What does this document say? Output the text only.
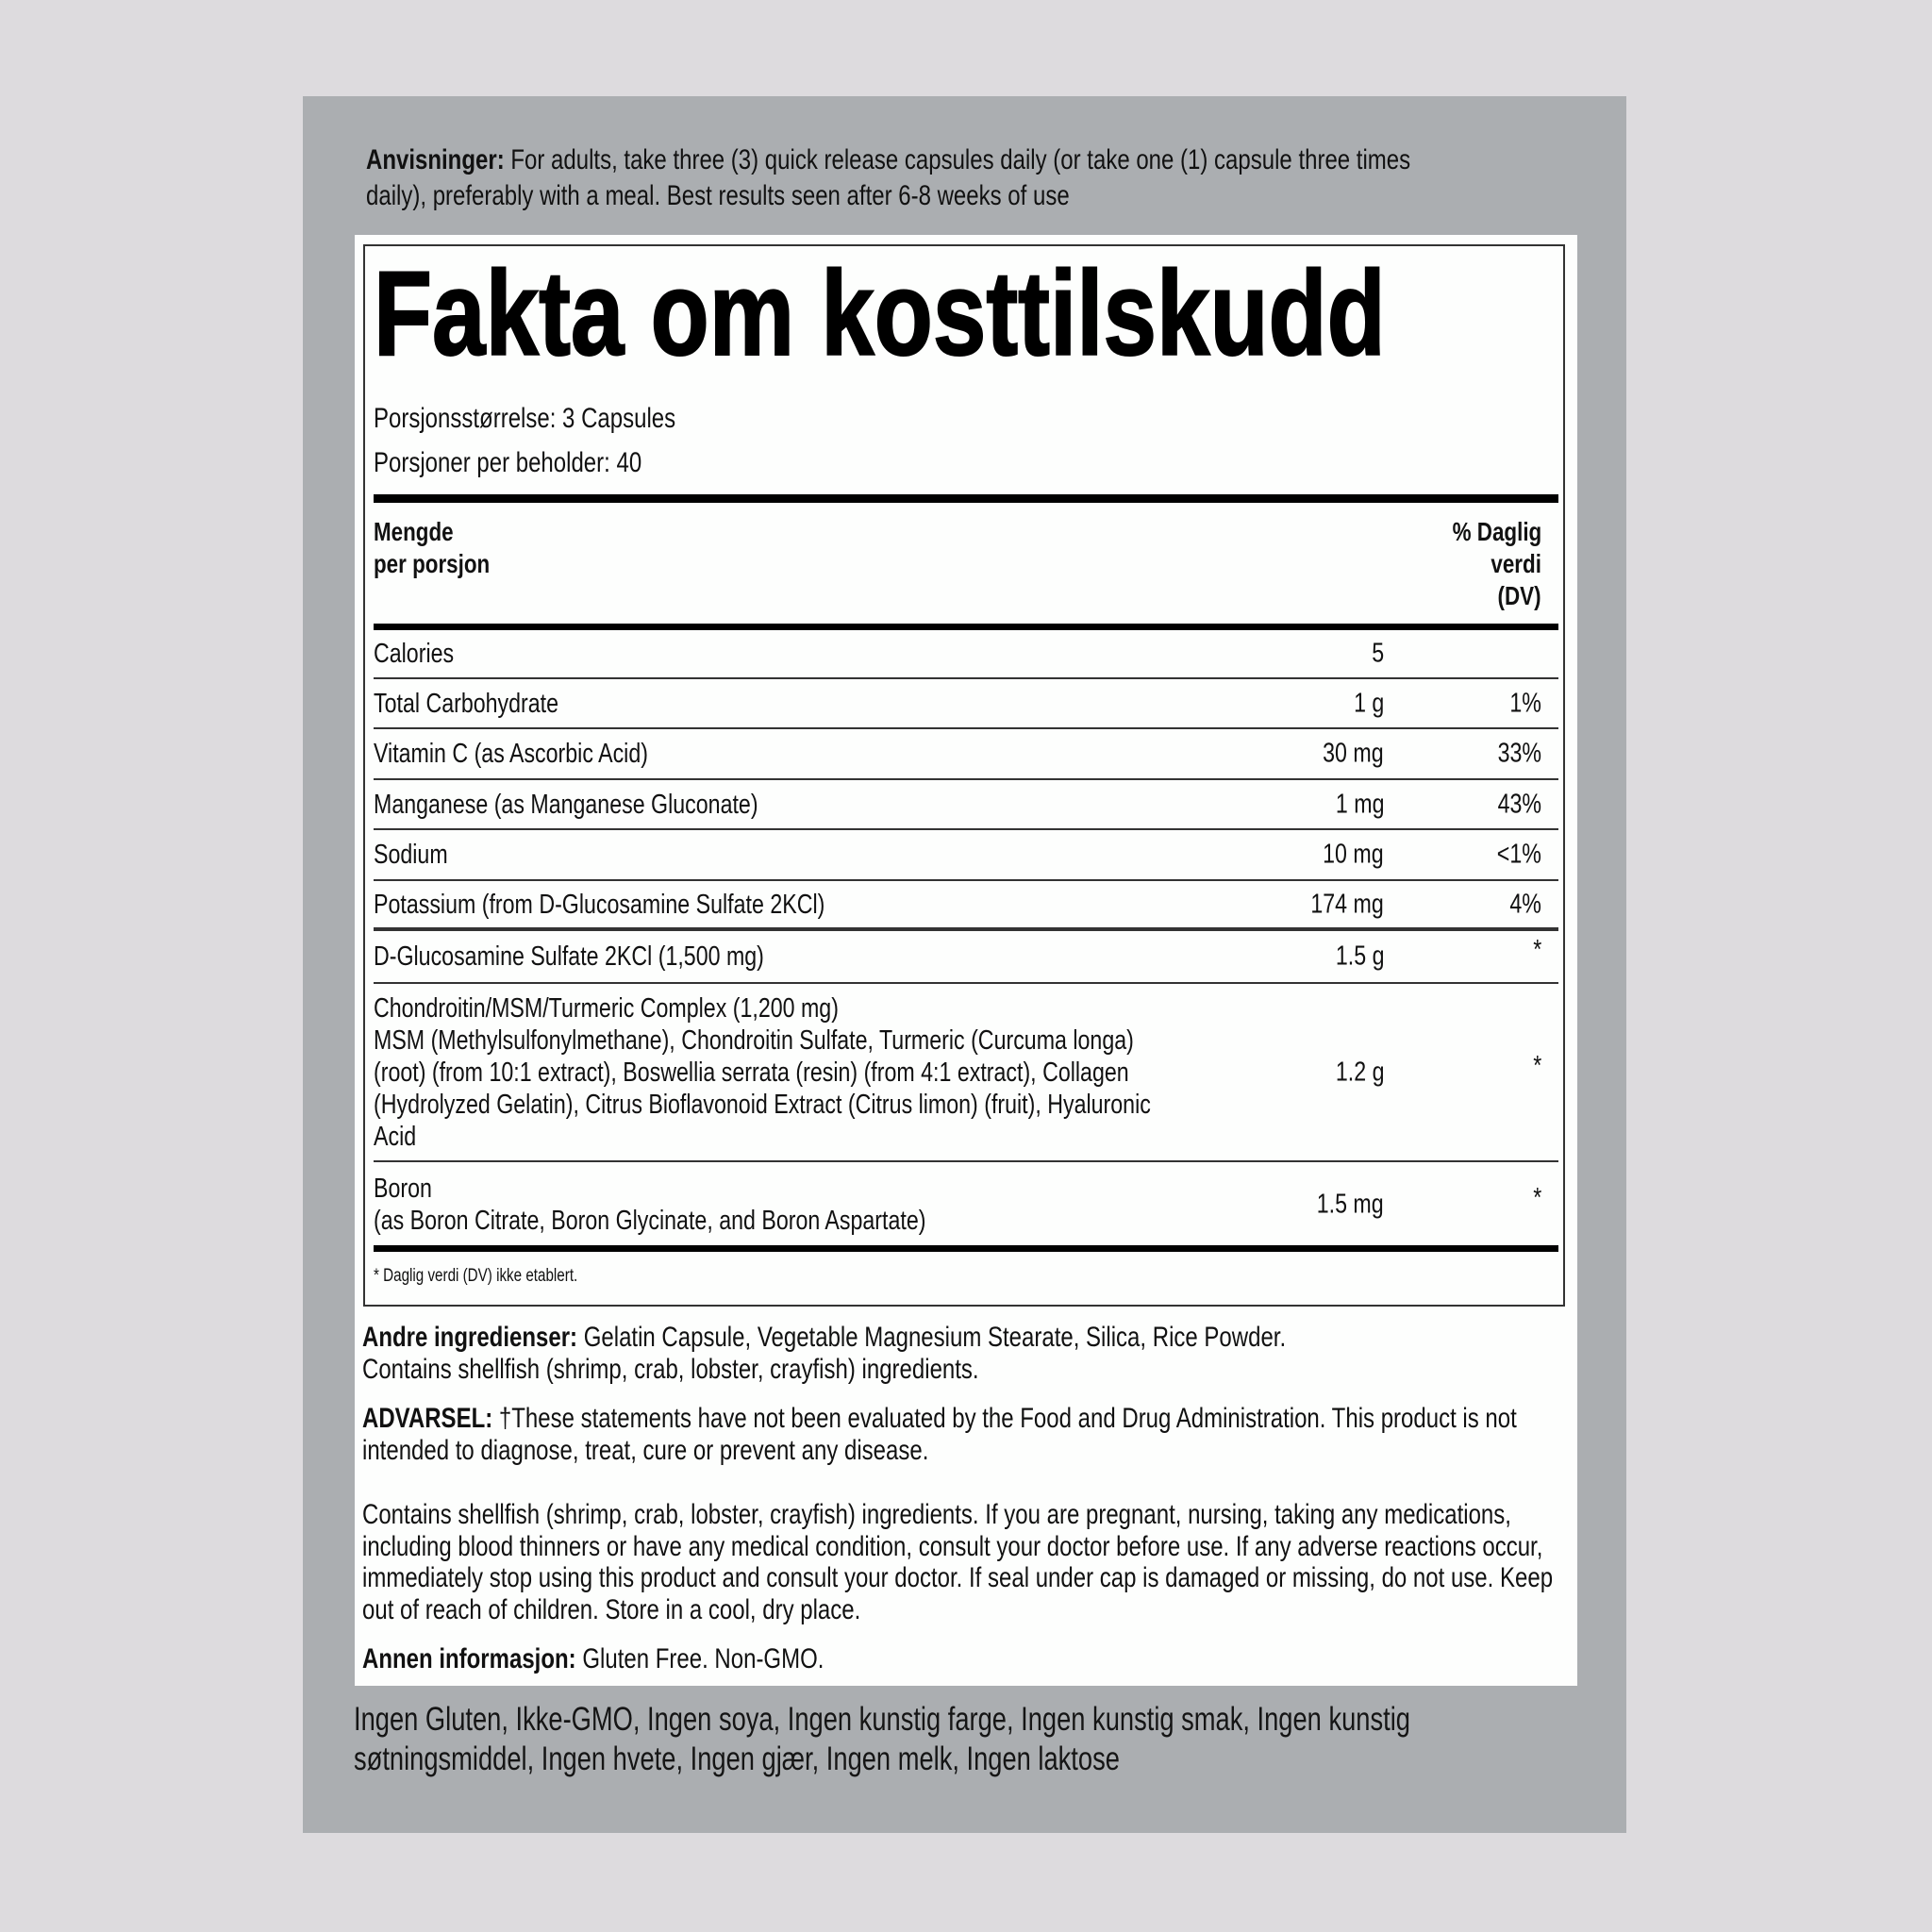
Anvisninger: For adults, take three (3) quick release capsules daily (or take one (1) capsule three times
daily), preferably with a meal. Best results seen after 6-8 weeks of use
Fakta om kosttilskudd
Porsjonsstørrelse: 3 Capsules
Porsjoner per beholder: 40
Mengde
per porsjon
% Daglig
verdi
(DV)
Calories	5
Total Carbohydrate	1 g	1%
Vitamin C (as Ascorbic Acid)	30 mg	33%
Manganese (as Manganese Gluconate)	1 mg	43%
Sodium	10 mg	<1%
Potassium (from D-Glucosamine Sulfate 2KCl)	174 mg	4%
D-Glucosamine Sulfate 2KCl (1,500 mg)	1.5 g	*
Chondroitin/MSM/Turmeric Complex (1,200 mg)
MSM (Methylsulfonylmethane), Chondroitin Sulfate, Turmeric (Curcuma longa)
(root) (from 10:1 extract), Boswellia serrata (resin) (from 4:1 extract), Collagen
(Hydrolyzed Gelatin), Citrus Bioflavonoid Extract (Citrus limon) (fruit), Hyaluronic
Acid
1.2 g	*
Boron
(as Boron Citrate, Boron Glycinate, and Boron Aspartate)
1.5 mg	*
* Daglig verdi (DV) ikke etablert.
Andre ingredienser: Gelatin Capsule, Vegetable Magnesium Stearate, Silica, Rice Powder.
Contains shellfish (shrimp, crab, lobster, crayfish) ingredients.
ADVARSEL: †These statements have not been evaluated by the Food and Drug Administration. This product is not
intended to diagnose, treat, cure or prevent any disease.
Contains shellfish (shrimp, crab, lobster, crayfish) ingredients. If you are pregnant, nursing, taking any medications,
including blood thinners or have any medical condition, consult your doctor before use. If any adverse reactions occur,
immediately stop using this product and consult your doctor. If seal under cap is damaged or missing, do not use. Keep
out of reach of children. Store in a cool, dry place.
Annen informasjon: Gluten Free. Non-GMO.
Ingen Gluten, Ikke-GMO, Ingen soya, Ingen kunstig farge, Ingen kunstig smak, Ingen kunstig
søtningsmiddel, Ingen hvete, Ingen gjær, Ingen melk, Ingen laktose
